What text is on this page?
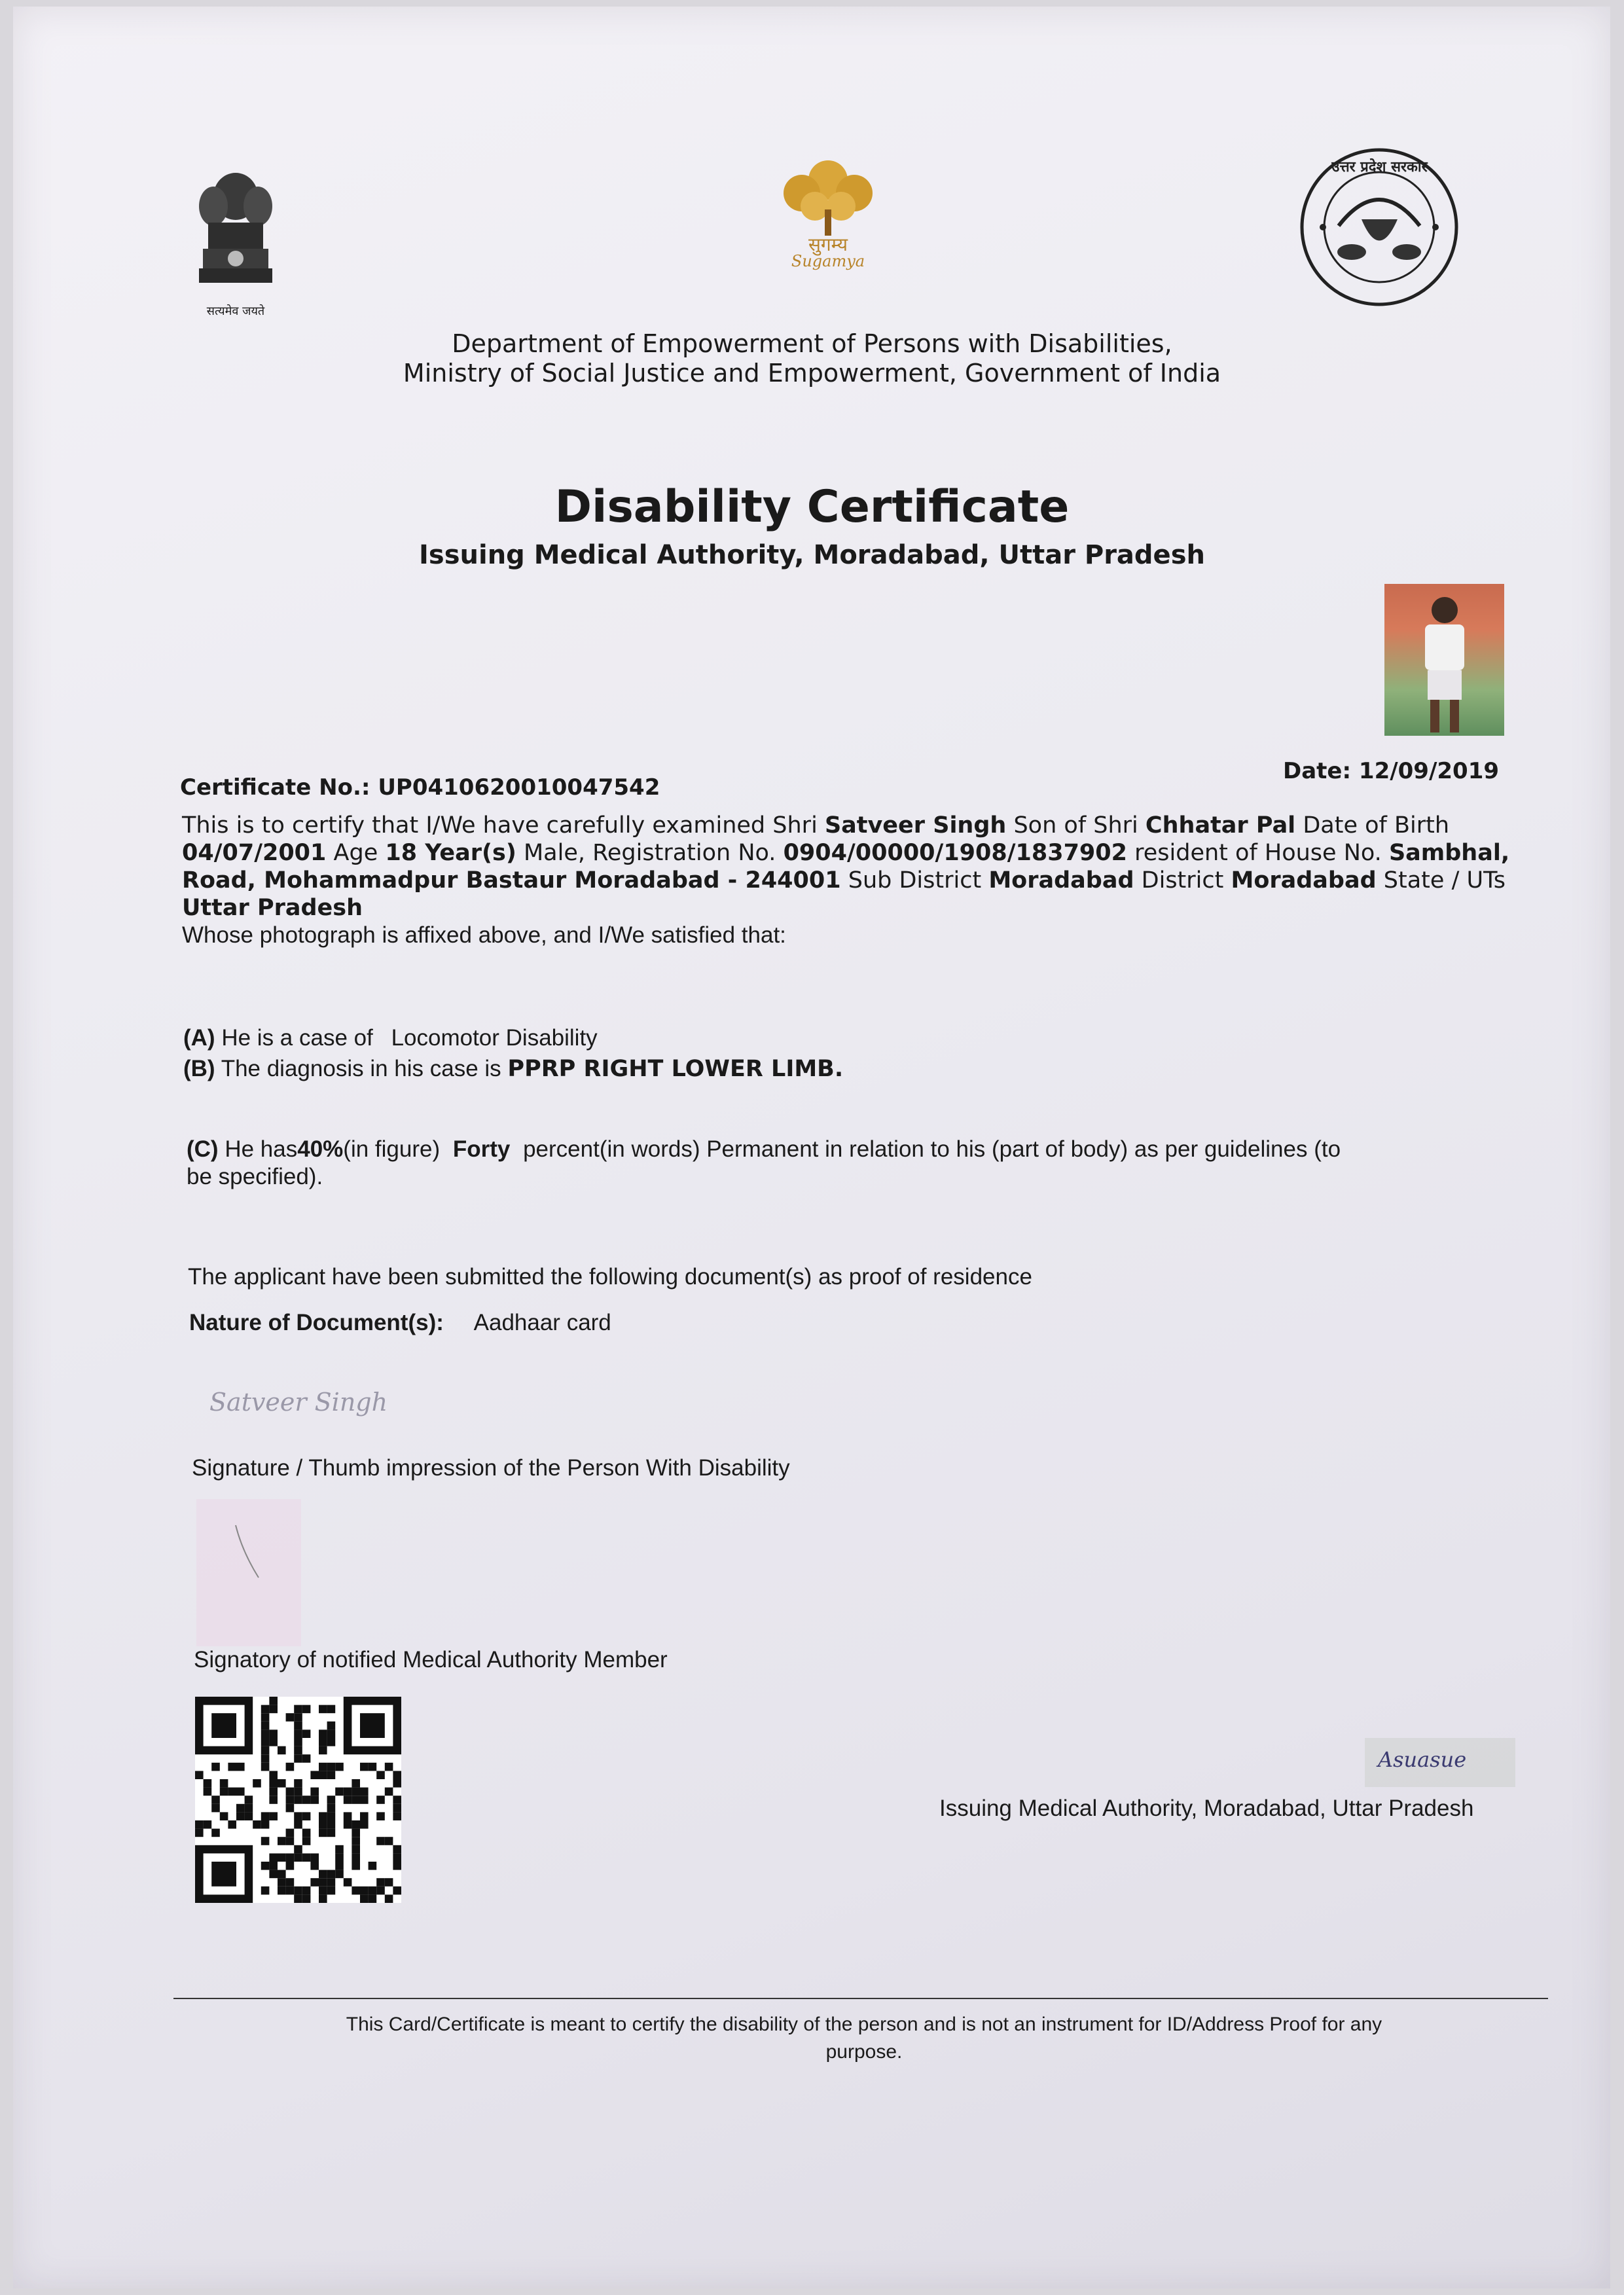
सत्यमेव जयते
सुगम्य
Sugamya
उत्तर प्रदेश सरकार
Department of Empowerment of Persons with Disabilities,
Ministry of Social Justice and Empowerment, Government of India
Disability Certificate
Issuing Medical Authority, Moradabad, Uttar Pradesh
Certificate No.: UP0410620010047542
Date: 12/09/2019
This is to certify that I/We have carefully examined Shri Satveer Singh Son of Shri Chhatar Pal Date of Birth
04/07/2001 Age 18 Year(s) Male, Registration No. 0904/00000/1908/1837902 resident of House No. Sambhal,
Road, Mohammadpur Bastaur Moradabad - 244001 Sub District Moradabad District Moradabad State / UTs
Uttar Pradesh
Whose photograph is affixed above, and I/We satisfied that:
(A) He is a case of Locomotor Disability
(B) The diagnosis in his case is PPRP RIGHT LOWER LIMB.
(C) He has40%(in figure) Forty percent(in words) Permanent in relation to his (part of body) as per guidelines (to
be specified).
The applicant have been submitted the following document(s) as proof of residence
Nature of Document(s): Aadhaar card
Satveer Singh
Signature / Thumb impression of the Person With Disability
Signatory of notified Medical Authority Member
Asuasue
Issuing Medical Authority, Moradabad, Uttar Pradesh
This Card/Certificate is meant to certify the disability of the person and is not an instrument for ID/Address Proof for any
purpose.
